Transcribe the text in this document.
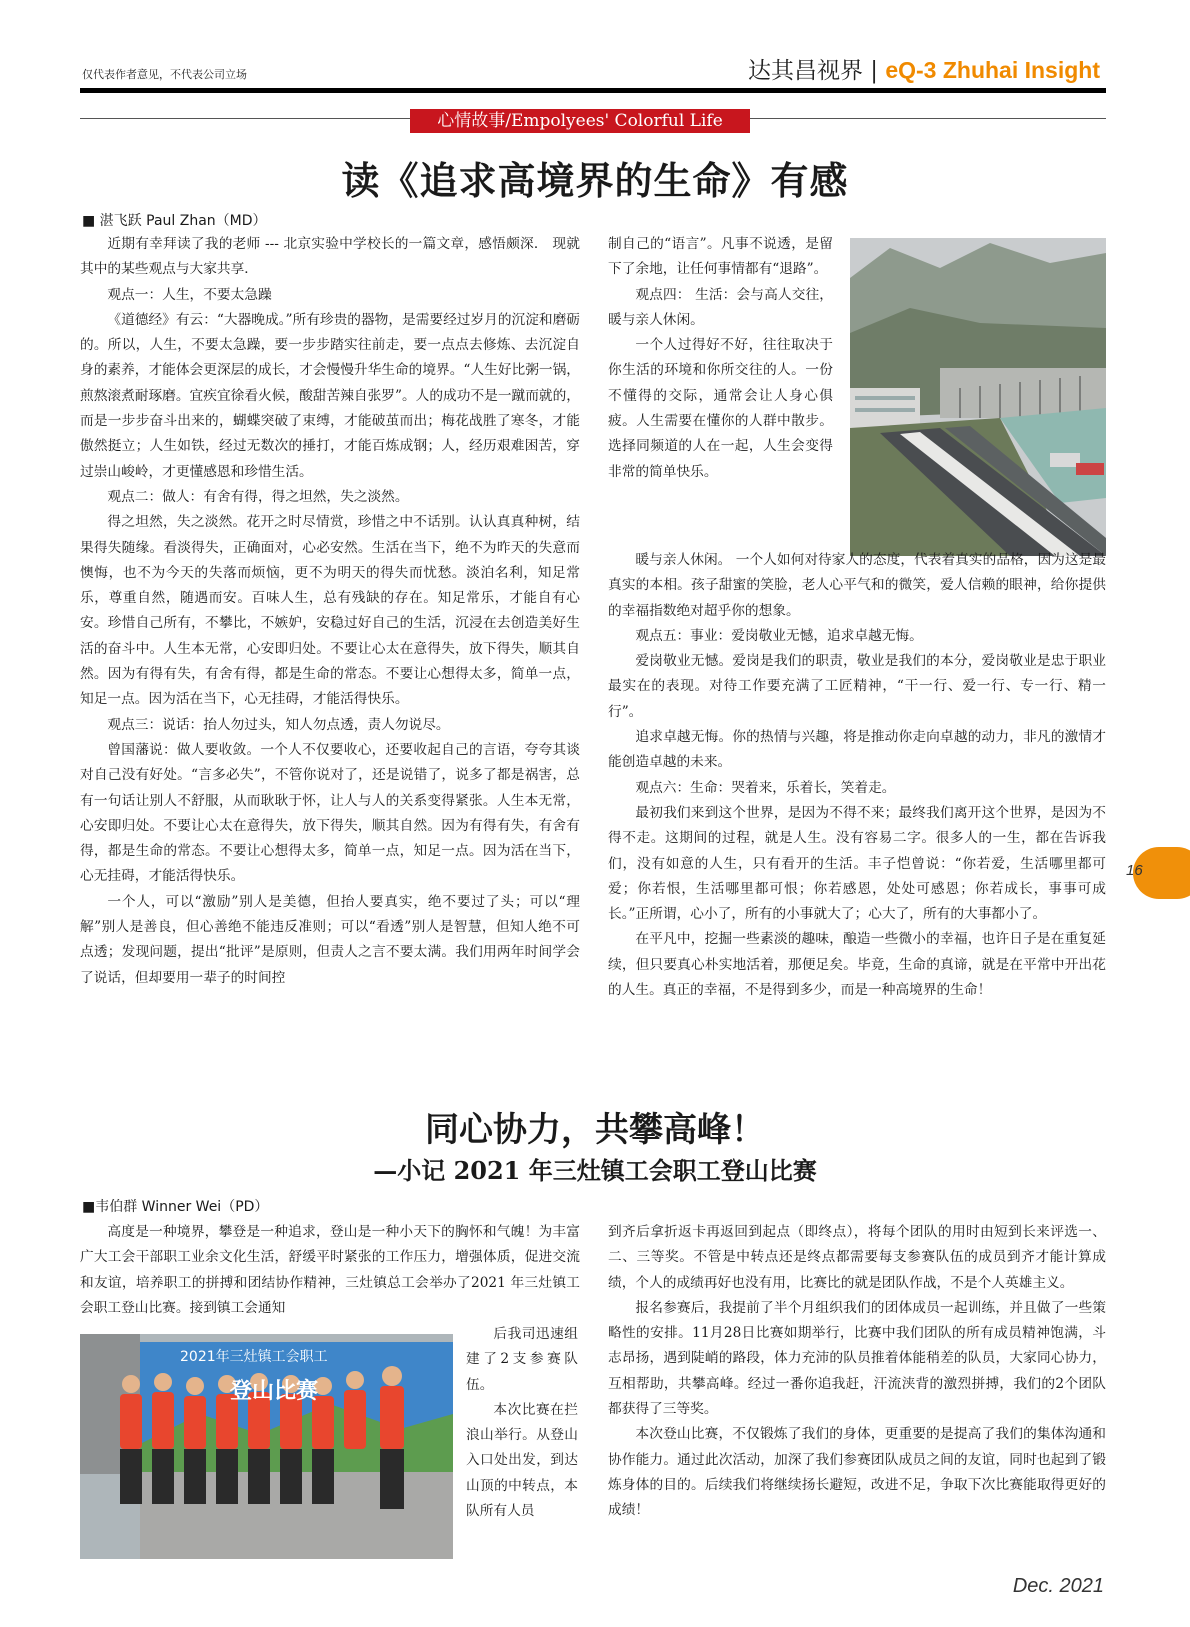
仅代表作者意见，不代表公司立场	达其昌视界 | eQ-3 Zhuhai Insight
心情故事/Empolyees' Colorful Life
读《追求高境界的生命》有感
■ 湛飞跃 Paul Zhan（MD）

近期有幸拜读了我的老师 --- 北京实验中学校长的一篇文章，感悟颇深． 现就其中的某些观点与大家共享．

观点一：人生，不要太急躁

《道德经》有云：“大器晚成。”所有珍贵的器物，是需要经过岁月的沉淀和磨砺的。所以，人生，不要太急躁，要一步步踏实往前走，要一点点去修炼、去沉淀自身的素养，才能体会更深层的成长，才会慢慢升华生命的境界。“人生好比粥一锅，煎熬滚煮耐琢磨。宜疾宜徐看火候，酸甜苦辣自张罗”。人的成功不是一蹴而就的，而是一步步奋斗出来的，蝴蝶突破了束缚，才能破茧而出；梅花战胜了寒冬，才能傲然挺立；人生如铁，经过无数次的捶打，才能百炼成钢；人，经历艰难困苦，穿过崇山峻岭，才更懂感恩和珍惜生活。

观点二：做人：有舍有得，得之坦然，失之淡然。

得之坦然，失之淡然。花开之时尽情赏，珍惜之中不话别。认认真真种树，结果得失随缘。看淡得失，正确面对，心必安然。生活在当下，绝不为昨天的失意而懊悔，也不为今天的失落而烦恼，更不为明天的得失而忧愁。淡泊名利，知足常乐，尊重自然，随遇而安。百味人生，总有残缺的存在。知足常乐，才能自有心安。珍惜自己所有，不攀比，不嫉妒，安稳过好自己的生活，沉浸在去创造美好生活的奋斗中。人生本无常，心安即归处。不要让心太在意得失，放下得失，顺其自然。因为有得有失，有舍有得，都是生命的常态。不要让心想得太多，简单一点，知足一点。因为活在当下，心无挂碍，才能活得快乐。

观点三：说话：抬人勿过头，知人勿点透，责人勿说尽。

曾国藩说：做人要收敛。一个人不仅要收心，还要收起自己的言语，夸夸其谈对自己没有好处。“言多必失”，不管你说对了，还是说错了，说多了都是祸害，总有一句话让别人不舒服，从而耿耿于怀，让人与人的关系变得紧张。人生本无常，心安即归处。不要让心太在意得失，放下得失，顺其自然。因为有得有失，有舍有得，都是生命的常态。不要让心想得太多，简单一点，知足一点。因为活在当下，心无挂碍，才能活得快乐。

一个人，可以“激励”别人是美德，但抬人要真实，绝不要过了头；可以“理解”别人是善良，但心善绝不能违反准则；可以“看透”别人是智慧，但知人绝不可点透；发现问题，提出“批评”是原则，但责人之言不要太满。我们用两年时间学会了说话，但却要用一辈子的时间控

制自己的“语言”。凡事不说透，是留下了余地，让任何事情都有“退路”。

观点四： 生活：会与高人交往，暖与亲人休闲。

一个人过得好不好，往往取决于你生活的环境和你所交往的人。一份不懂得的交际，通常会让人身心俱疲。人生需要在懂你的人群中散步。选择同频道的人在一起，人生会变得非常的简单快乐。

暖与亲人休闲。 一个人如何对待家人的态度，代表着真实的品格，因为这是最真实的本相。孩子甜蜜的笑脸，老人心平气和的微笑，爱人信赖的眼神，给你提供的幸福指数绝对超乎你的想象。

观点五：事业：爱岗敬业无憾，追求卓越无悔。

爱岗敬业无憾。爱岗是我们的职责，敬业是我们的本分，爱岗敬业是忠于职业最实在的表现。对待工作要充满了工匠精神，“干一行、爱一行、专一行、精一行”。

追求卓越无悔。你的热情与兴趣，将是推动你走向卓越的动力，非凡的激情才能创造卓越的未来。

观点六：生命：哭着来，乐着长，笑着走。

最初我们来到这个世界，是因为不得不来；最终我们离开这个世界，是因为不得不走。这期间的过程，就是人生。没有容易二字。很多人的一生，都在告诉我们，没有如意的人生，只有看开的生活。丰子恺曾说：“你若爱，生活哪里都可爱；你若恨，生活哪里都可恨；你若感恩，处处可感恩；你若成长，事事可成长。”正所谓，心小了，所有的小事就大了；心大了，所有的大事都小了。

在平凡中，挖掘一些素淡的趣味，酿造一些微小的幸福，也许日子是在重复延续，但只要真心朴实地活着，那便足矣。毕竟，生命的真谛，就是在平常中开出花的人生。真正的幸福，不是得到多少，而是一种高境界的生命！

同心协力，共攀高峰！
—小记 2021 年三灶镇工会职工登山比赛
■韦伯群 Winner Wei（PD）

高度是一种境界，攀登是一种追求，登山是一种小天下的胸怀和气魄！为丰富广大工会干部职工业余文化生活，舒缓平时紧张的工作压力，增强体质，促进交流和友谊，培养职工的拼搏和团结协作精神，三灶镇总工会举办了2021 年三灶镇工会职工登山比赛。接到镇工会通知

2021年三灶镇工会职工
登山比赛

后我司迅速组建了2支参赛队伍。

本次比赛在拦浪山举行。从登山入口处出发，到达山顶的中转点，本队所有人员

到齐后拿折返卡再返回到起点（即终点），将每个团队的用时由短到长来评选一、二、三等奖。不管是中转点还是终点都需要每支参赛队伍的成员到齐才能计算成绩，个人的成绩再好也没有用，比赛比的就是团队作战，不是个人英雄主义。

报名参赛后，我提前了半个月组织我们的团体成员一起训练，并且做了一些策略性的安排。11月28日比赛如期举行，比赛中我们团队的所有成员精神饱满，斗志昂扬，遇到陡峭的路段，体力充沛的队员推着体能稍差的队员，大家同心协力，互相帮助，共攀高峰。经过一番你追我赶，汗流浃背的激烈拼搏，我们的2个团队都获得了三等奖。

本次登山比赛，不仅锻炼了我们的身体，更重要的是提高了我们的集体沟通和协作能力。通过此次活动，加深了我们参赛团队成员之间的友谊，同时也起到了锻炼身体的目的。后续我们将继续扬长避短，改进不足，争取下次比赛能取得更好的成绩！

16
Dec. 2021
